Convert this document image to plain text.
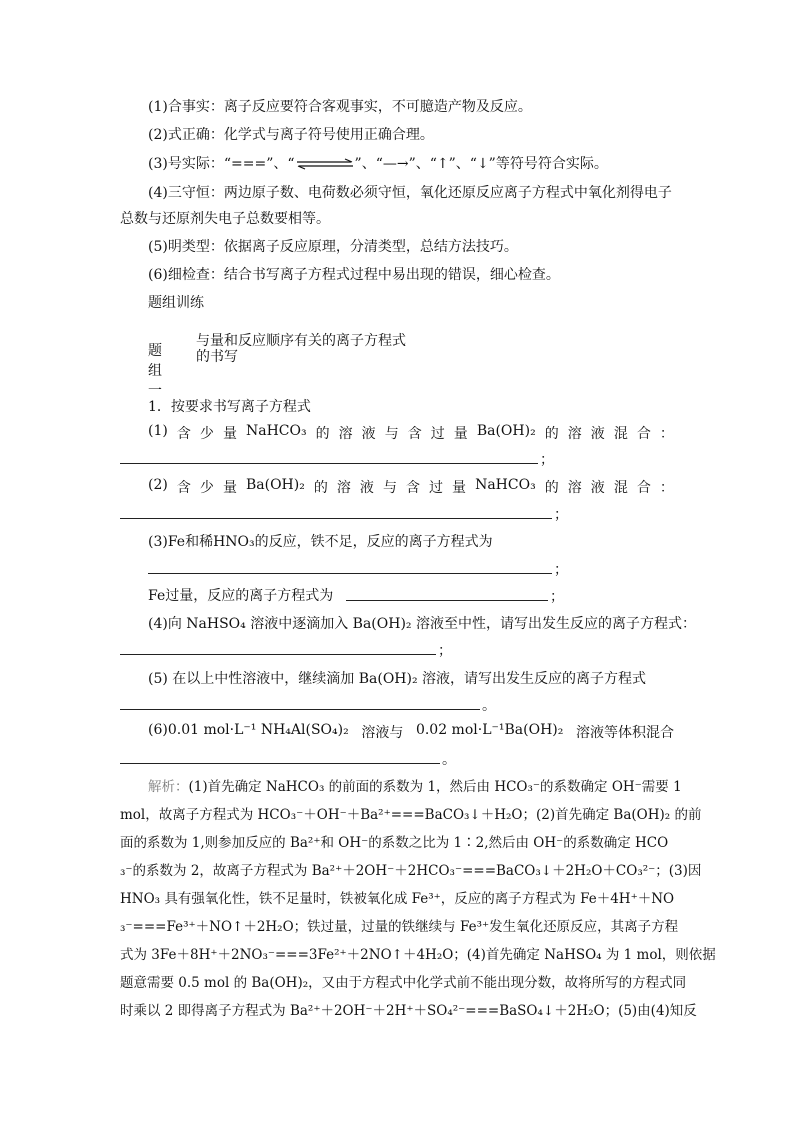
(1)合事实：离子反应要符合客观事实，不可臆造产物及反应。
(2)式正确：化学式与离子符号使用正确合理。
(3)号实际：“===”、“	”、“—→”、“↑”、“↓”等符号符合实际。
(4)三守恒：两边原子数、电荷数必须守恒，氧化还原反应离子方程式中氧化剂得电子
总数与还原剂失电子总数要相等。
(5)明类型：依据离子反应原理，分清类型，总结方法技巧。
(6)细检查：结合书写离子方程式过程中易出现的错误，细心检查。
题组训练
题组一
与量和反应顺序有关的离子方程式
的书写
1．按要求书写离子方程式
(1) 含 少 量 NaHCO₃ 的 溶 液 与 含 过 量 Ba(OH)₂ 的 溶 液 混 合 ：
；
(2) 含 少 量 Ba(OH)₂ 的 溶 液 与 含 过 量 NaHCO₃ 的 溶 液 混 合 ：
；
(3)Fe和稀HNO₃的反应，铁不足，反应的离子方程式为
；
Fe过量，反应的离子方程式为	；
(4)向 NaHSO₄ 溶液中逐滴加入 Ba(OH)₂ 溶液至中性，请写出发生反应的离子方程式：
；
(5) 在以上中性溶液中，继续滴加 Ba(OH)₂ 溶液，请写出发生反应的离子方程式
。
(6)0.01 mol·L⁻¹ NH₄Al(SO₄)₂ 溶液与 0.02 mol·L⁻¹Ba(OH)₂ 溶液等体积混合
。
解析：(1)首先确定 NaHCO₃ 的前面的系数为 1，然后由 HCO₃⁻的系数确定 OH⁻需要 1
mol，故离子方程式为 HCO₃⁻＋OH⁻＋Ba²⁺===BaCO₃↓＋H₂O；(2)首先确定 Ba(OH)₂ 的前
面的系数为 1,则参加反应的 Ba²⁺和 OH⁻的系数之比为 1∶2,然后由 OH⁻的系数确定 HCO
₃⁻的系数为 2，故离子方程式为 Ba²⁺＋2OH⁻＋2HCO₃⁻===BaCO₃↓＋2H₂O＋CO₃²⁻；(3)因
HNO₃ 具有强氧化性，铁不足量时，铁被氧化成 Fe³⁺，反应的离子方程式为 Fe＋4H⁺＋NO
₃⁻===Fe³⁺＋NO↑＋2H₂O；铁过量，过量的铁继续与 Fe³⁺发生氧化还原反应，其离子方程
式为 3Fe＋8H⁺＋2NO₃⁻===3Fe²⁺＋2NO↑＋4H₂O；(4)首先确定 NaHSO₄ 为 1 mol，则依据
题意需要 0.5 mol 的 Ba(OH)₂，又由于方程式中化学式前不能出现分数，故将所写的方程式同
时乘以 2 即得离子方程式为 Ba²⁺＋2OH⁻＋2H⁺＋SO₄²⁻===BaSO₄↓＋2H₂O；(5)由(4)知反
